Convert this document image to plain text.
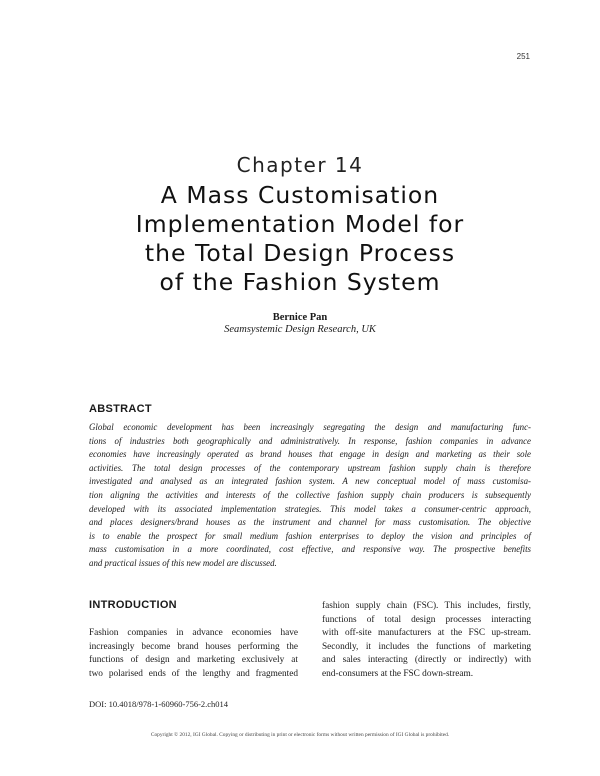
251
Chapter 14
A Mass Customisation
Implementation Model for
the Total Design Process
of the Fashion System
Bernice Pan
Seamsystemic Design Research, UK
ABSTRACT
Global economic development has been increasingly segregating the design and manufacturing func-
tions of industries both geographically and administratively. In response, fashion companies in advance
economies have increasingly operated as brand houses that engage in design and marketing as their sole
activities. The total design processes of the contemporary upstream fashion supply chain is therefore
investigated and analysed as an integrated fashion system. A new conceptual model of mass customisa-
tion aligning the activities and interests of the collective fashion supply chain producers is subsequently
developed with its associated implementation strategies. This model takes a consumer-centric approach,
and places designers/brand houses as the instrument and channel for mass customisation. The objective
is to enable the prospect for small medium fashion enterprises to deploy the vision and principles of
mass customisation in a more coordinated, cost effective, and responsive way. The prospective benefits
and practical issues of this new model are discussed.
INTRODUCTION
Fashion companies in advance economies have
increasingly become brand houses performing the
functions of design and marketing exclusively at
two polarised ends of the lengthy and fragmented
fashion supply chain (FSC). This includes, firstly,
functions of total design processes interacting
with off-site manufacturers at the FSC up-stream.
Secondly, it includes the functions of marketing
and sales interacting (directly or indirectly) with
end-consumers at the FSC down-stream.
DOI: 10.4018/978-1-60960-756-2.ch014
Copyright © 2012, IGI Global. Copying or distributing in print or electronic forms without written permission of IGI Global is prohibited.
